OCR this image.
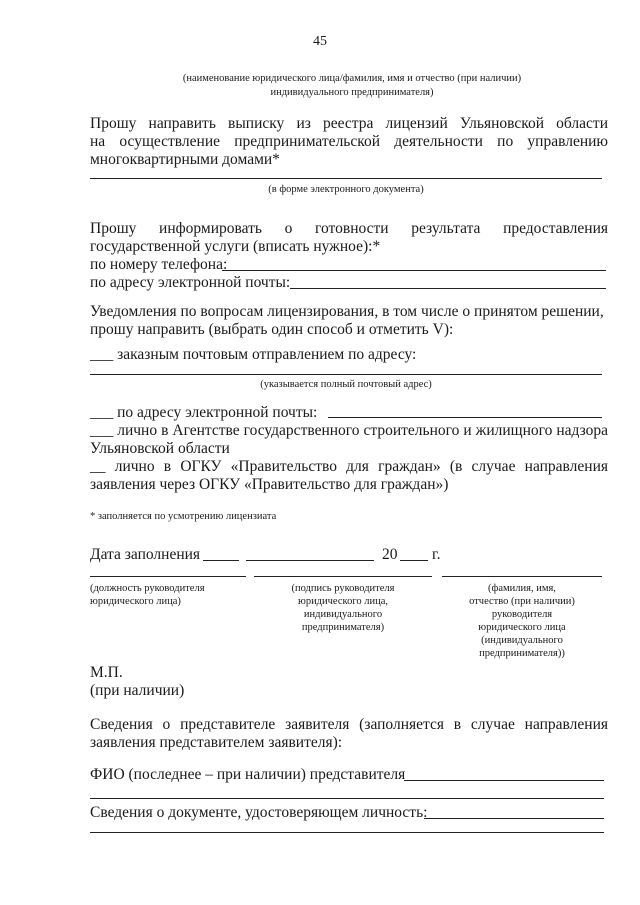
45
(наименование юридического лица/фамилия, имя и отчество (при наличии)
индивидуального предпринимателя)
Прошу направить выписку из реестра лицензий Ульяновской области
на осуществление предпринимательской деятельности по управлению
многоквартирными домами*
(в форме электронного документа)
Прошу информировать о готовности результата предоставления
государственной услуги (вписать нужное):*
по номеру телефона:
по адресу электронной почты:
Уведомления по вопросам лицензирования, в том числе о принятом решении,
прошу направить (выбрать один способ и отметить V):
___ заказным почтовым отправлением по адресу:
(указывается полный почтовый адрес)
___ по адресу электронной почты:
___ лично в Агентстве государственного строительного и жилищного надзора
Ульяновской области
__ лично в ОГКУ «Правительство для граждан» (в случае направления
заявления через ОГКУ «Правительство для граждан»)
* заполняется по усмотрению лицензиата
Дата заполнения	20 г.
(должность руководителя
юридического лица)
(подпись руководителя
юридического лица,
индивидуального
предпринимателя)
(фамилия, имя,
отчество (при наличии)
руководителя
юридического лица
(индивидуального
предпринимателя))
М.П.
(при наличии)
Сведения о представителе заявителя (заполняется в случае направления
заявления представителем заявителя):
ФИО (последнее – при наличии) представителя
Сведения о документе, удостоверяющем личность:
